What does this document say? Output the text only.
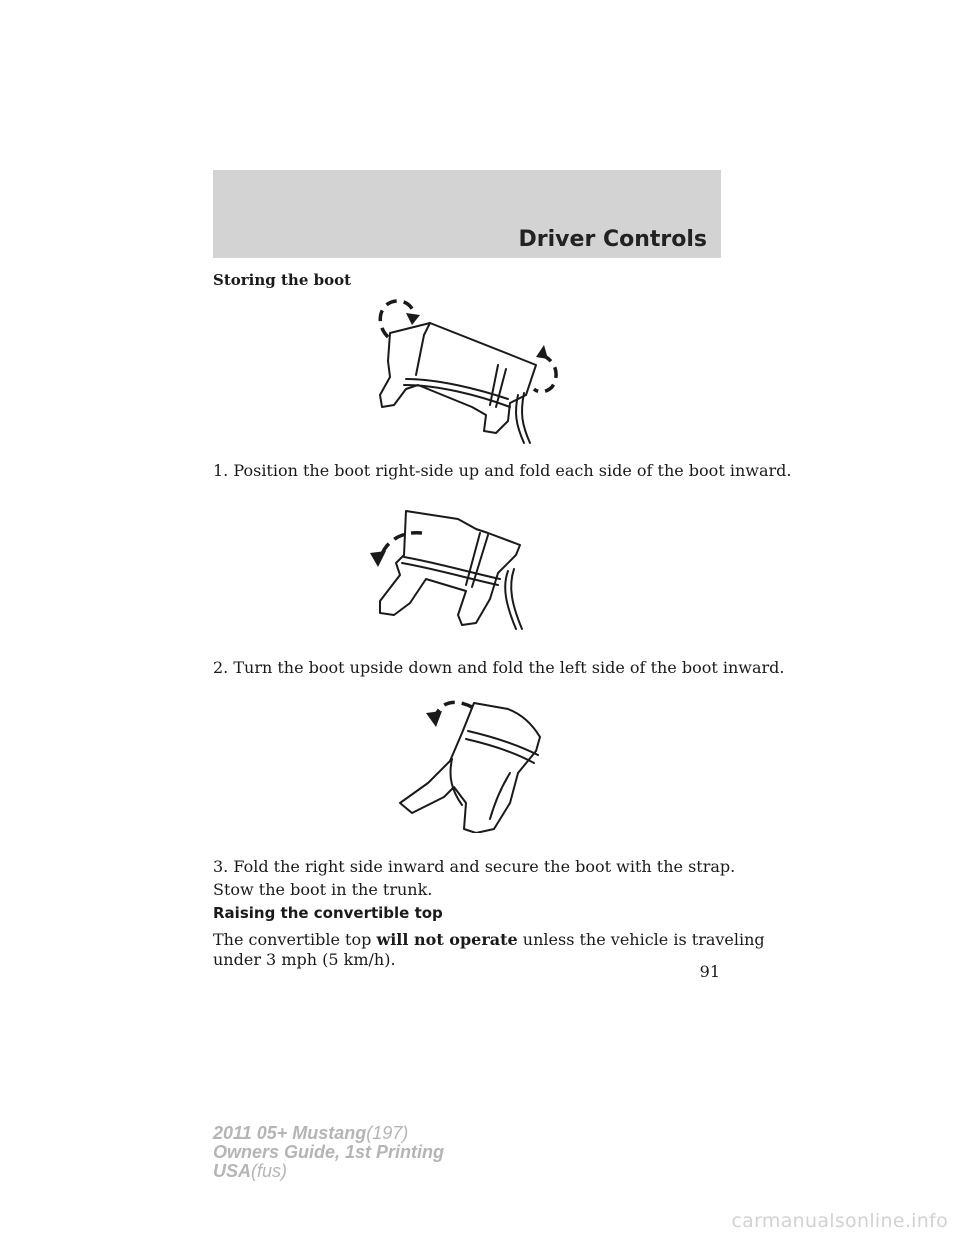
Driver Controls

Storing the boot

1. Position the boot right-side up and fold each side of the boot inward.

2. Turn the boot upside down and fold the left side of the boot inward.

3. Fold the right side inward and secure the boot with the strap.

Stow the boot in the trunk.

Raising the convertible top

The convertible top will not operate unless the vehicle is traveling
under 3 mph (5 km/h).

91

2011 05+ Mustang(197)
Owners Guide, 1st Printing
USA(fus)

carmanualsonline.info
